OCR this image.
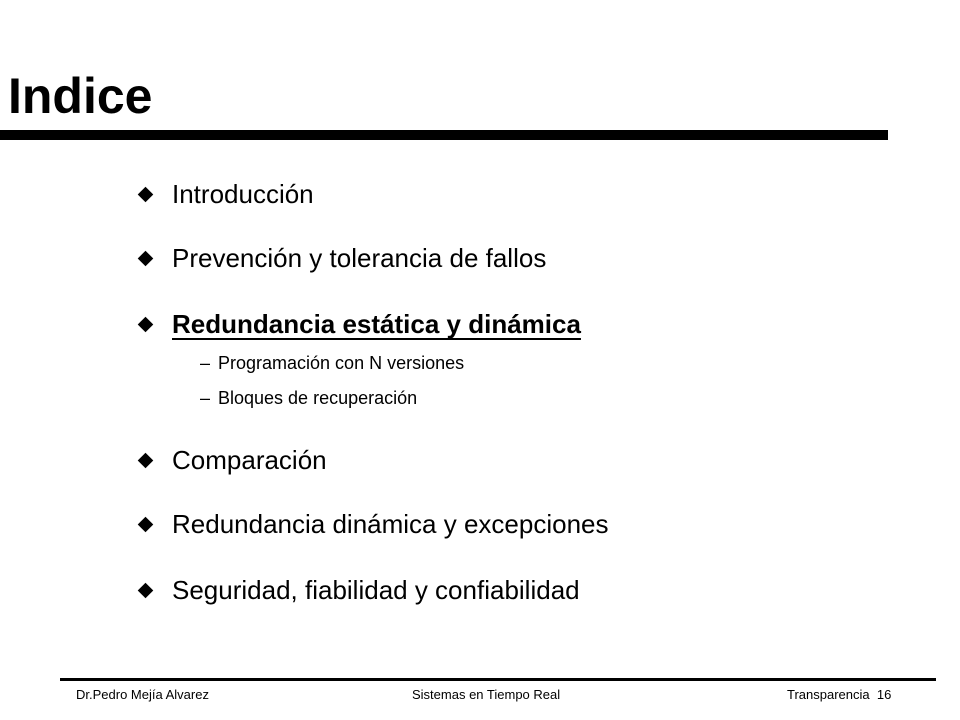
Indice
Introducción
Prevención y tolerancia de fallos
Redundancia estática y dinámica
Comparación
Redundancia dinámica y excepciones
Seguridad, fiabilidad y confiabilidad
– Programación con N versiones
– Bloques de recuperación
Dr.Pedro Mejía Alvarez	Sistemas en Tiempo Real	Transparencia 16
